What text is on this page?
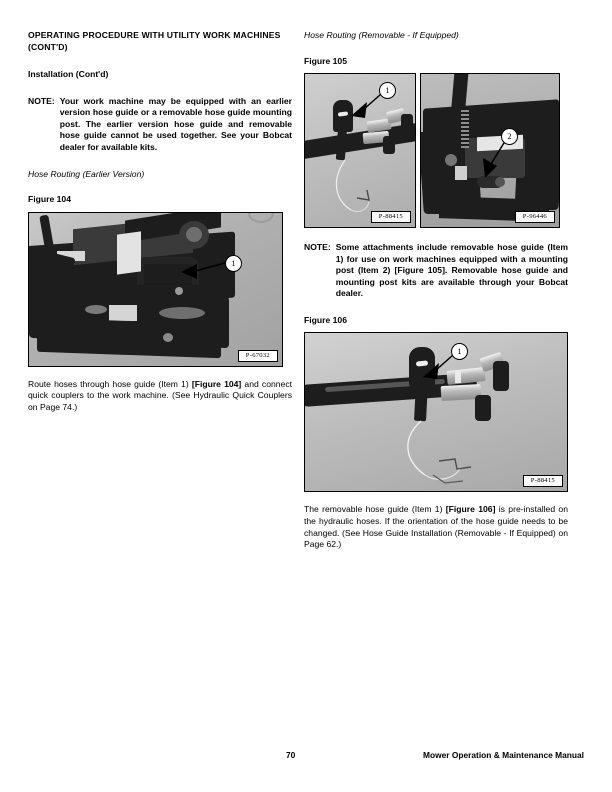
OPERATING PROCEDURE WITH UTILITY WORK MACHINES (CONT'D)
Installation (Cont'd)
NOTE: Your work machine may be equipped with an earlier version hose guide or a removable hose guide mounting post. The earlier version hose guide and removable hose guide cannot be used together. See your Bobcat dealer for available kits.
Hose Routing (Earlier Version)
Figure 104
1
P-67032

Route hoses through hose guide (Item 1) [Figure 104] and connect quick couplers to the work machine. (See Hydraulic Quick Couplers on Page 74.)

Hose Routing (Removable - If Equipped)
Figure 105
1
P-88415
2
P-96446
NOTE: Some attachments include removable hose guide (Item 1) for use on work machines equipped with a mounting post (Item 2) [Figure 105]. Removable hose guide and mounting post kits are available through your Bobcat dealer.
Figure 106
1
P-88415

The removable hose guide (Item 1) [Figure 106] is pre-installed on the hydraulic hoses. If the orientation of the hose guide needs to be changed. (See Hose Guide Installation (Removable - If Equipped) on Page 62.)

70	Mower Operation & Maintenance Manual
